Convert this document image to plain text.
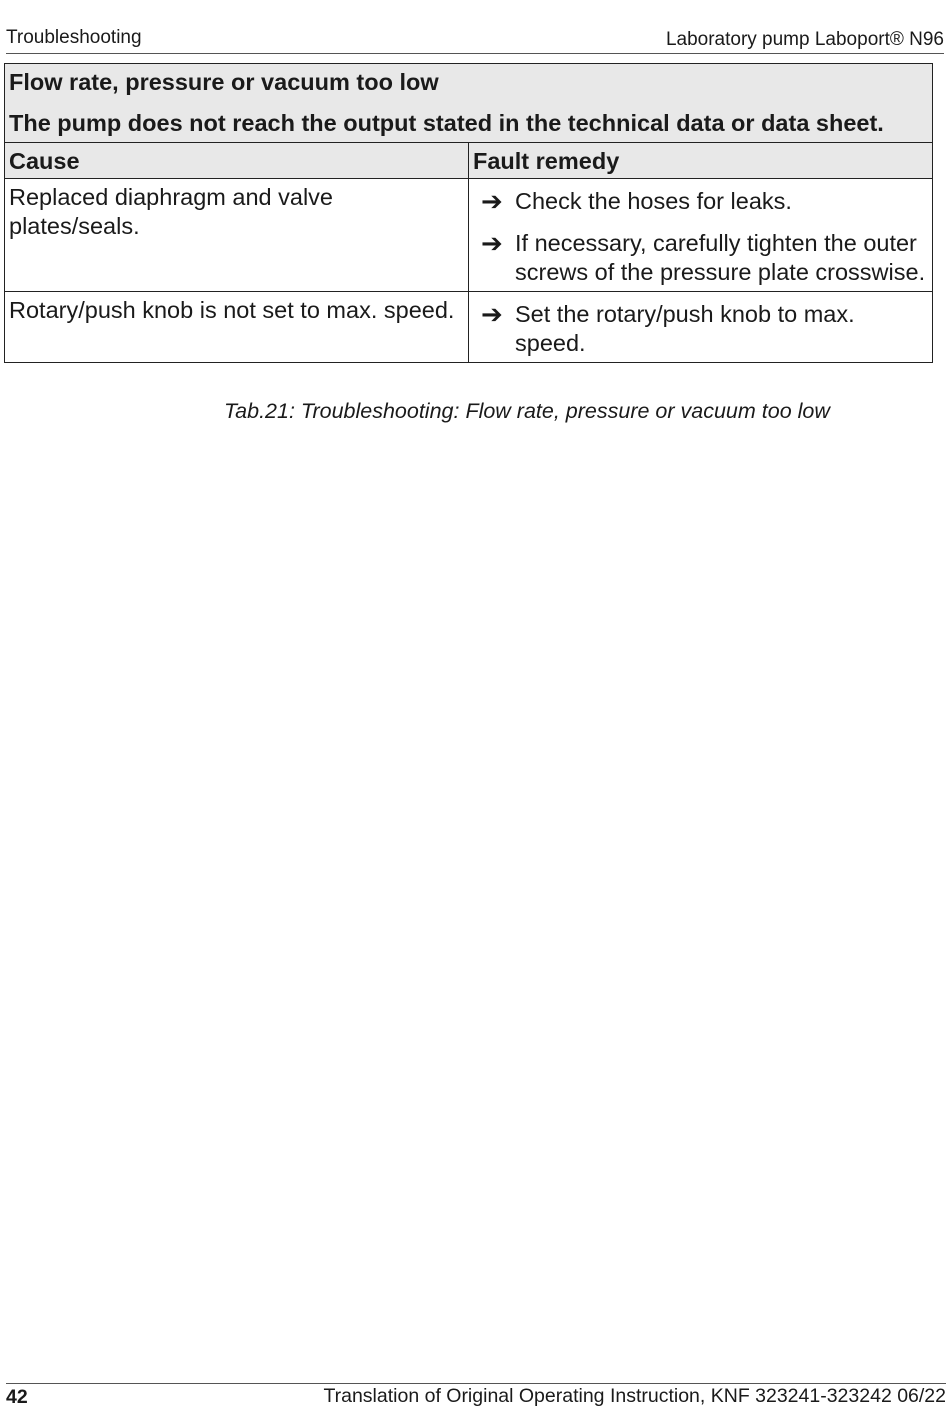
Troubleshooting	Laboratory pump Laboport® N96
Flow rate, pressure or vacuum too low
The pump does not reach the output stated in the technical data or data sheet.	

Cause	Fault remedy
Replaced diaphragm and valve plates/seals.	➔ Check the hoses for leaks.
➔ If necessary, carefully tighten the outer screws of the pressure plate crosswise.

Rotary/push knob is not set to max. speed.	➔ Set the rotary/push knob to max. speed.
Tab.21: Troubleshooting: Flow rate, pressure or vacuum too low
42	Translation of Original Operating Instruction, KNF 323241-323242 06/22
